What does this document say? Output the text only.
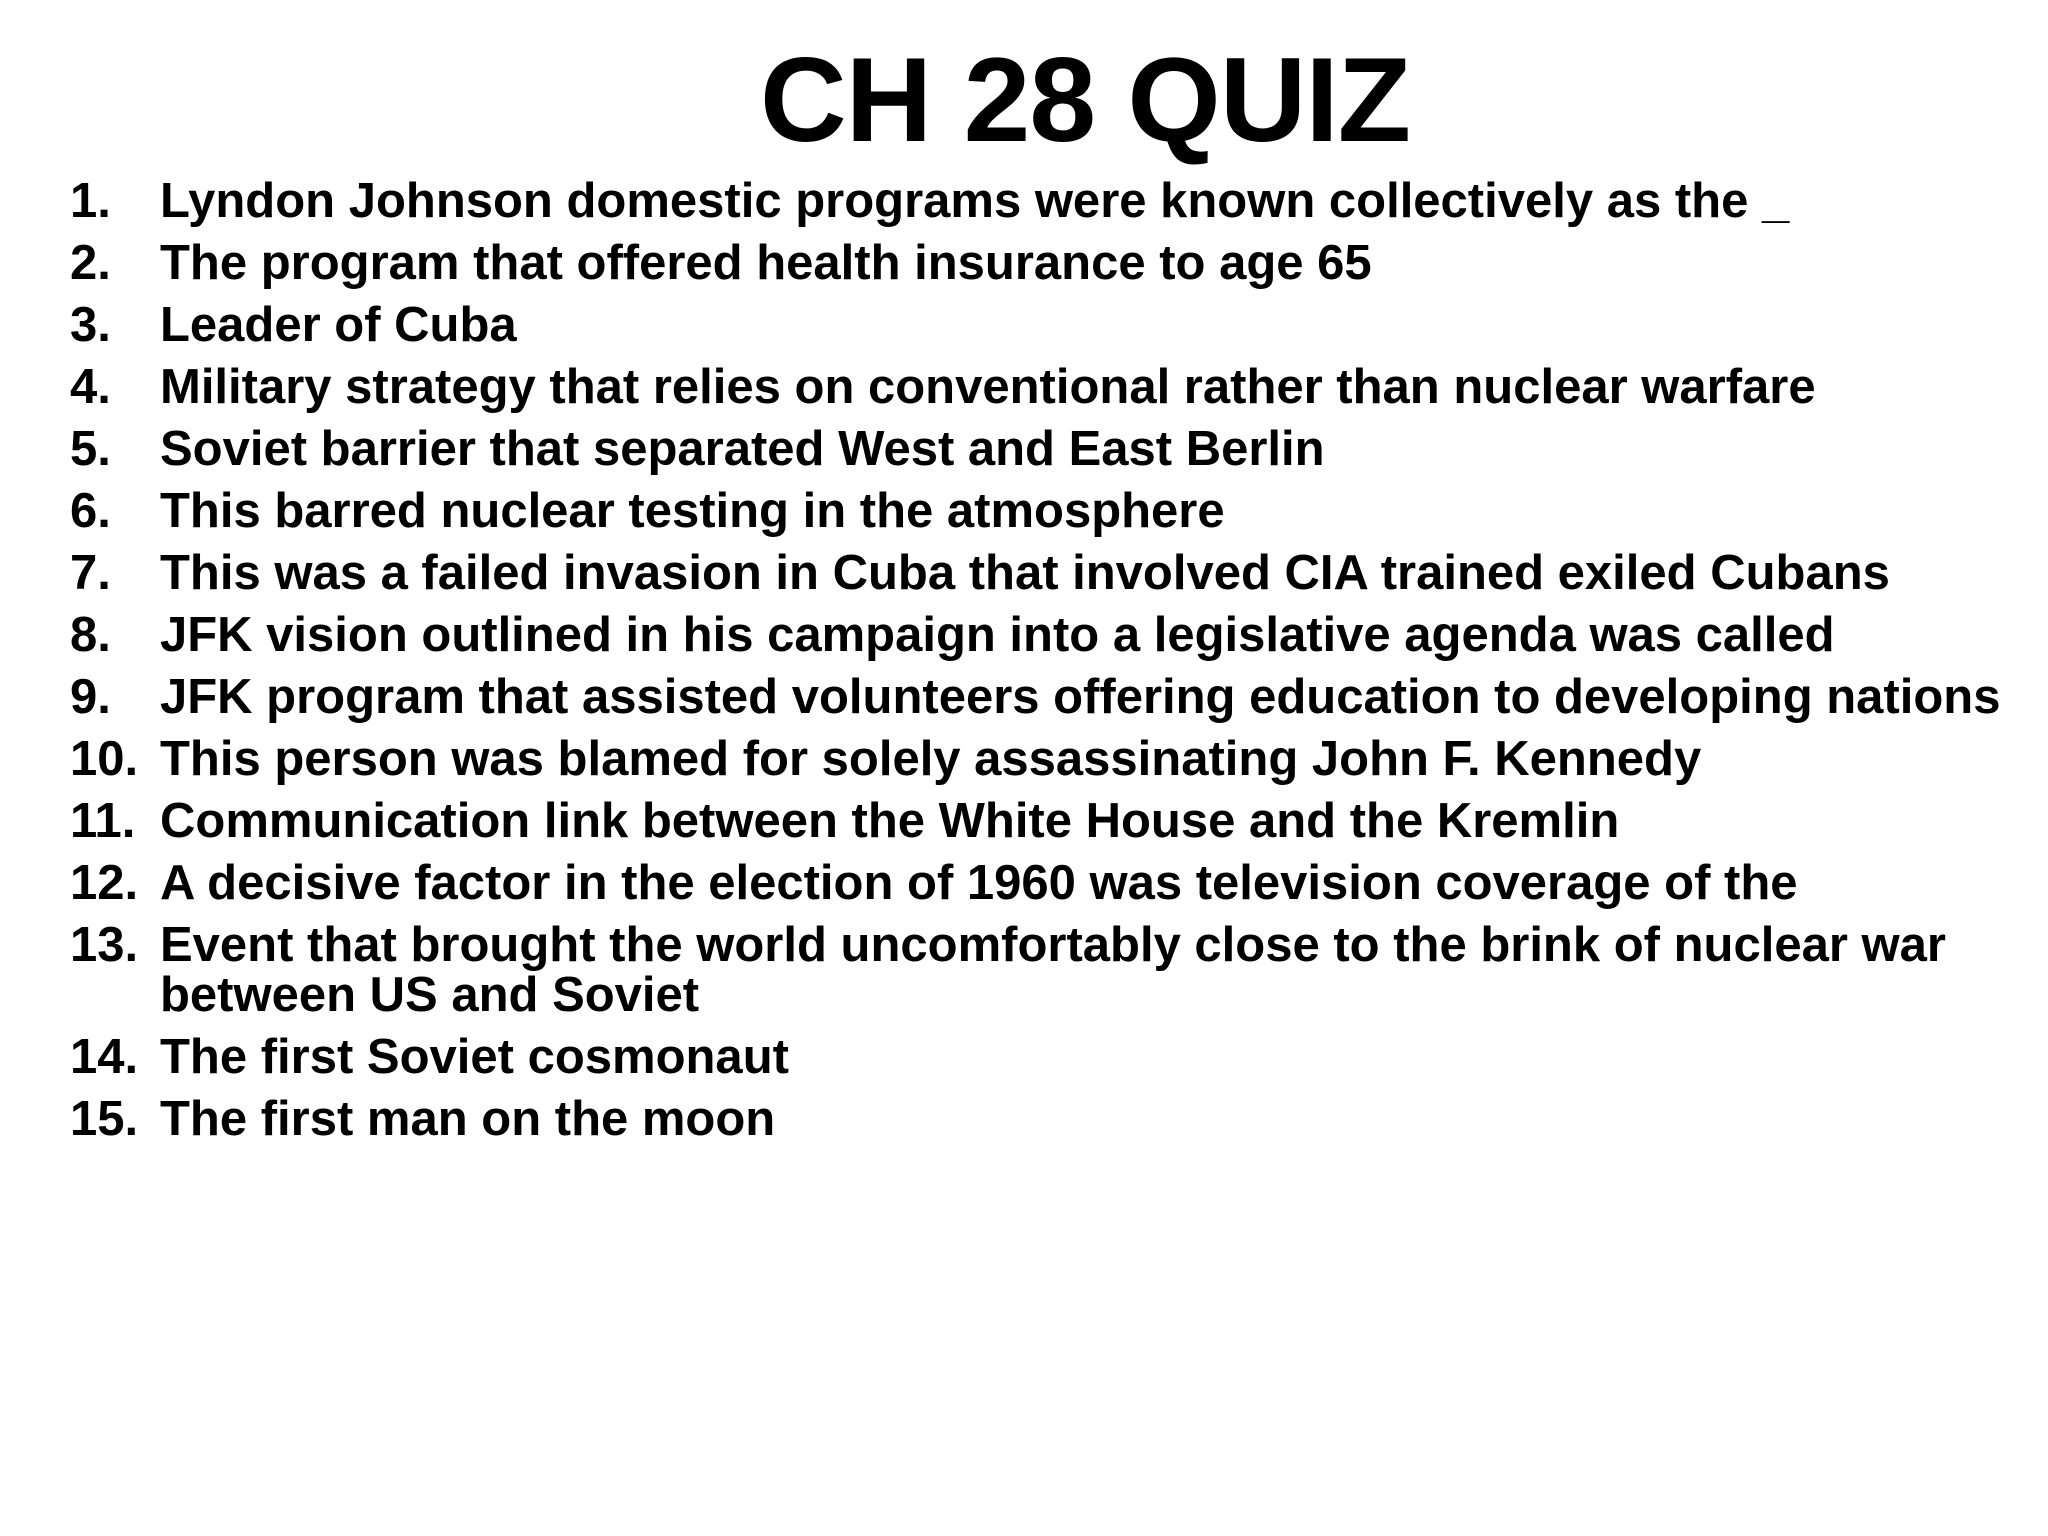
CH 28 QUIZ
1.	Lyndon Johnson domestic programs were known collectively as the _
2.	The program that offered health insurance to age 65
3.	Leader of Cuba
4.	Military strategy that relies on conventional rather than nuclear warfare
5.	Soviet barrier that separated West and East Berlin
6.	This barred nuclear testing in the atmosphere
7.	This was a failed invasion in Cuba that involved CIA trained exiled Cubans
8.	JFK vision outlined in his campaign into a legislative agenda was called
9.	JFK program that assisted volunteers offering education to developing nations
10. This person was blamed for solely assassinating John F. Kennedy
11. Communication link between the White House and the Kremlin
12. A decisive factor in the election of 1960 was television coverage of the
13. Event that brought the world uncomfortably close to the brink of nuclear war between US and Soviet
14. The first Soviet cosmonaut
15. The first man on the moon
